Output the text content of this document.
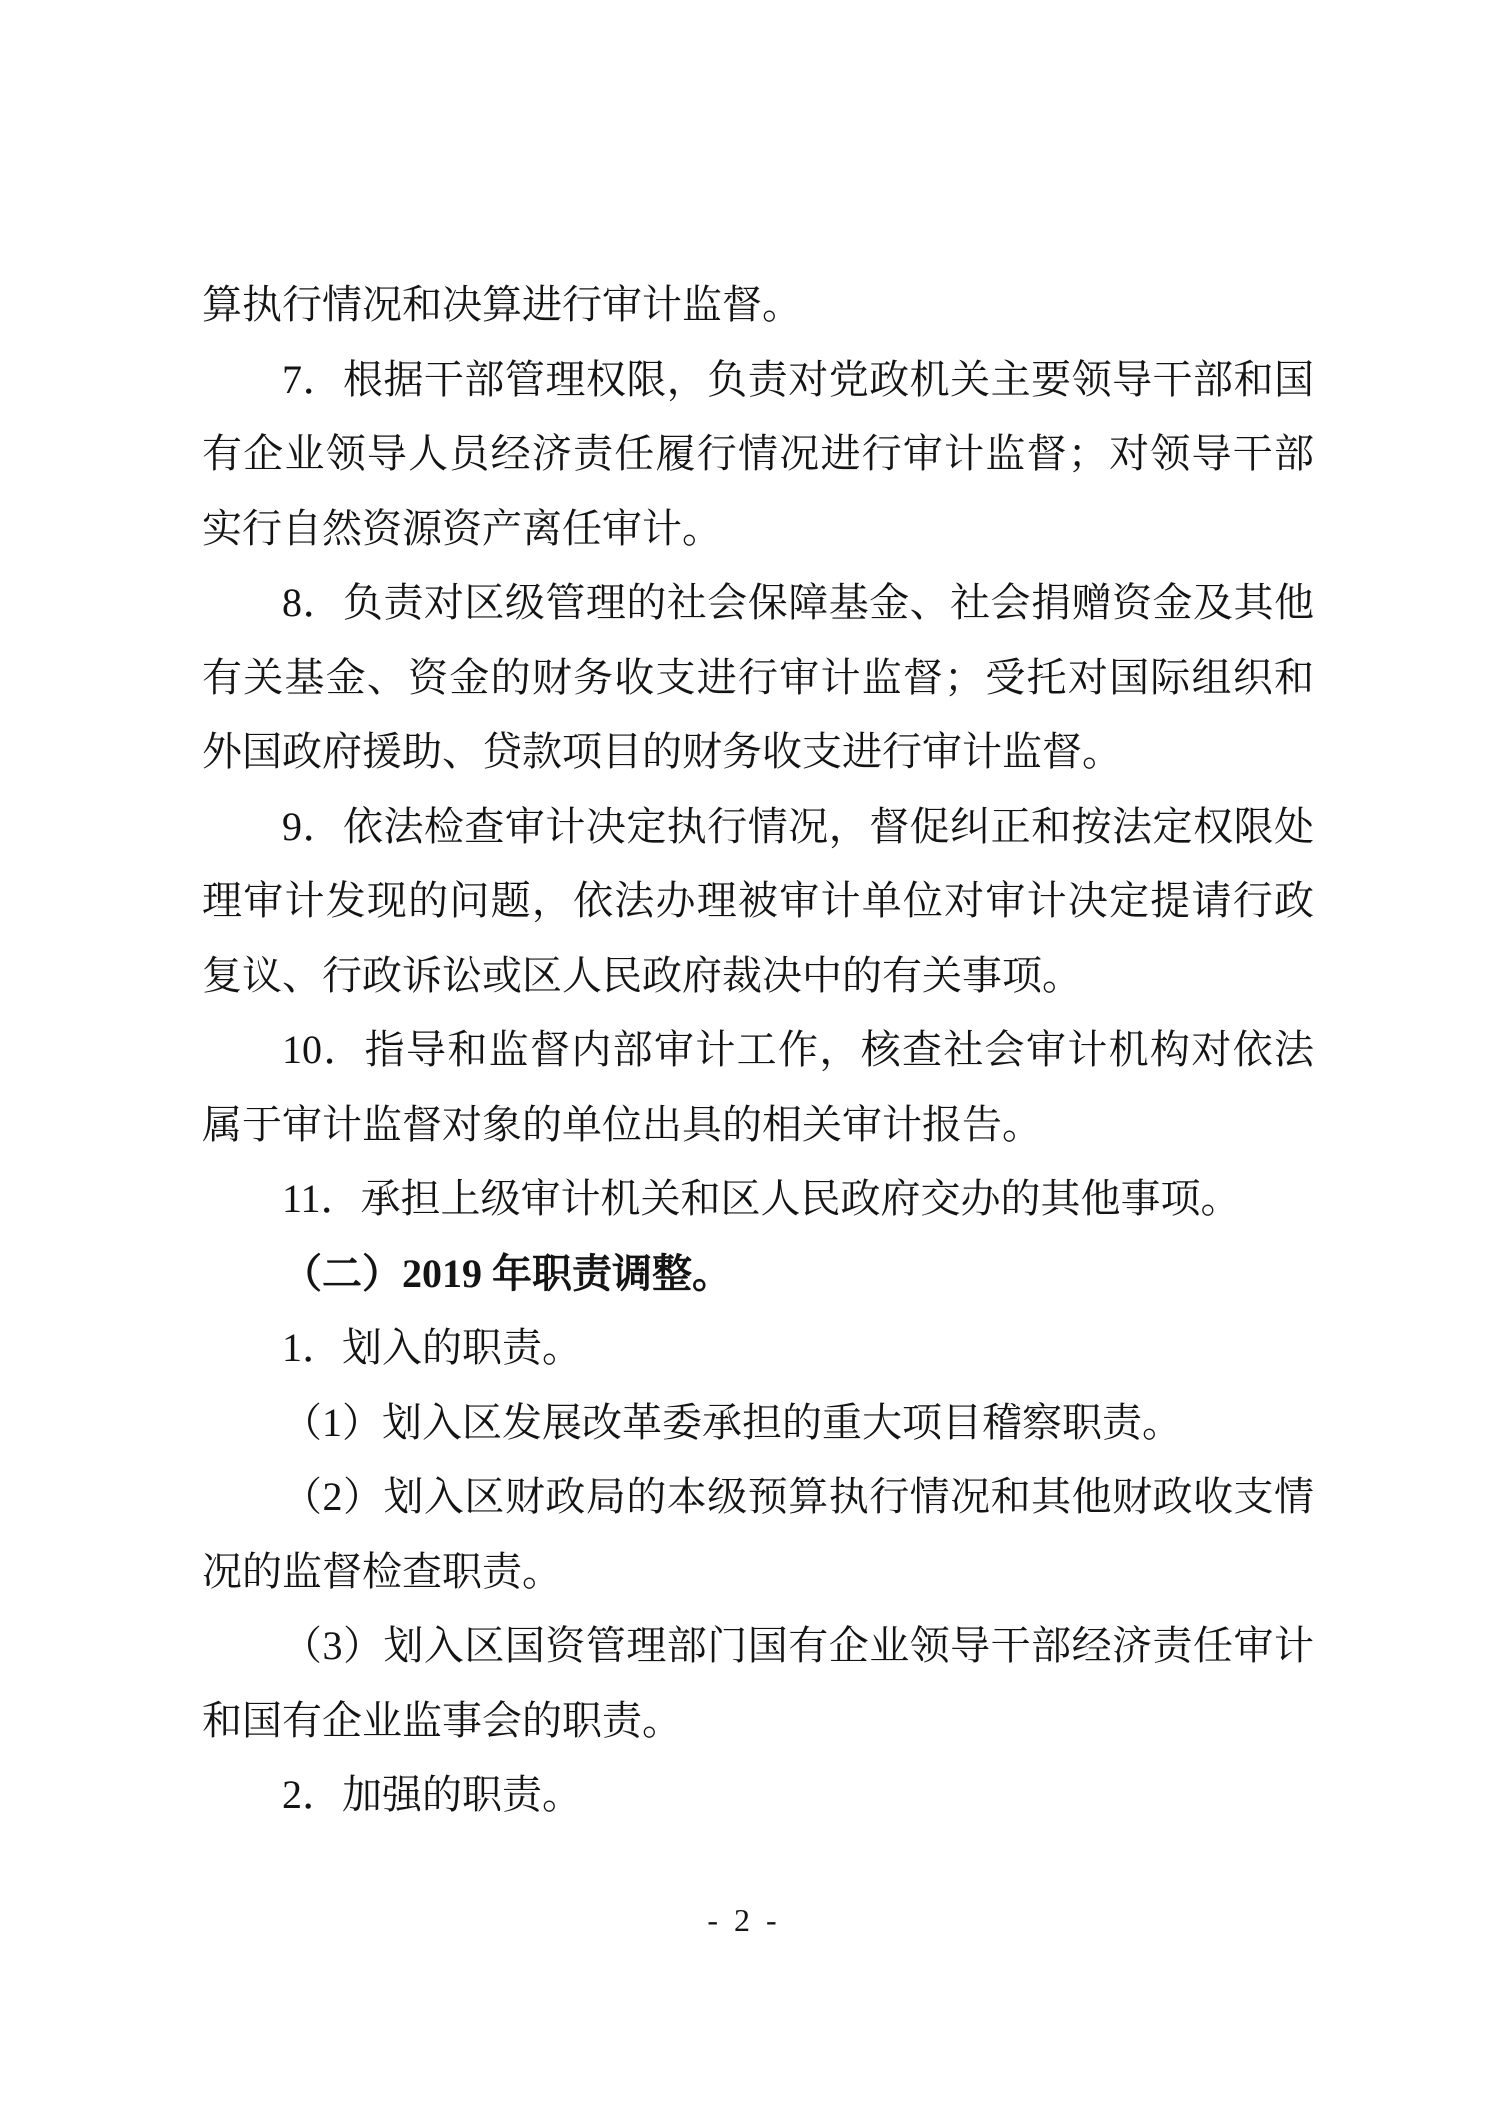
算执行情况和决算进行审计监督。
7．根据干部管理权限，负责对党政机关主要领导干部和国
有企业领导人员经济责任履行情况进行审计监督；对领导干部
实行自然资源资产离任审计。
8．负责对区级管理的社会保障基金、社会捐赠资金及其他
有关基金、资金的财务收支进行审计监督；受托对国际组织和
外国政府援助、贷款项目的财务收支进行审计监督。
9．依法检查审计决定执行情况，督促纠正和按法定权限处
理审计发现的问题，依法办理被审计单位对审计决定提请行政
复议、行政诉讼或区人民政府裁决中的有关事项。
10．指导和监督内部审计工作，核查社会审计机构对依法
属于审计监督对象的单位出具的相关审计报告。
11．承担上级审计机关和区人民政府交办的其他事项。
（二）2019 年职责调整。
1．划入的职责。
（1）划入区发展改革委承担的重大项目稽察职责。
（2）划入区财政局的本级预算执行情况和其他财政收支情
况的监督检查职责。
（3）划入区国资管理部门国有企业领导干部经济责任审计
和国有企业监事会的职责。
2．加强的职责。
- 2 -
